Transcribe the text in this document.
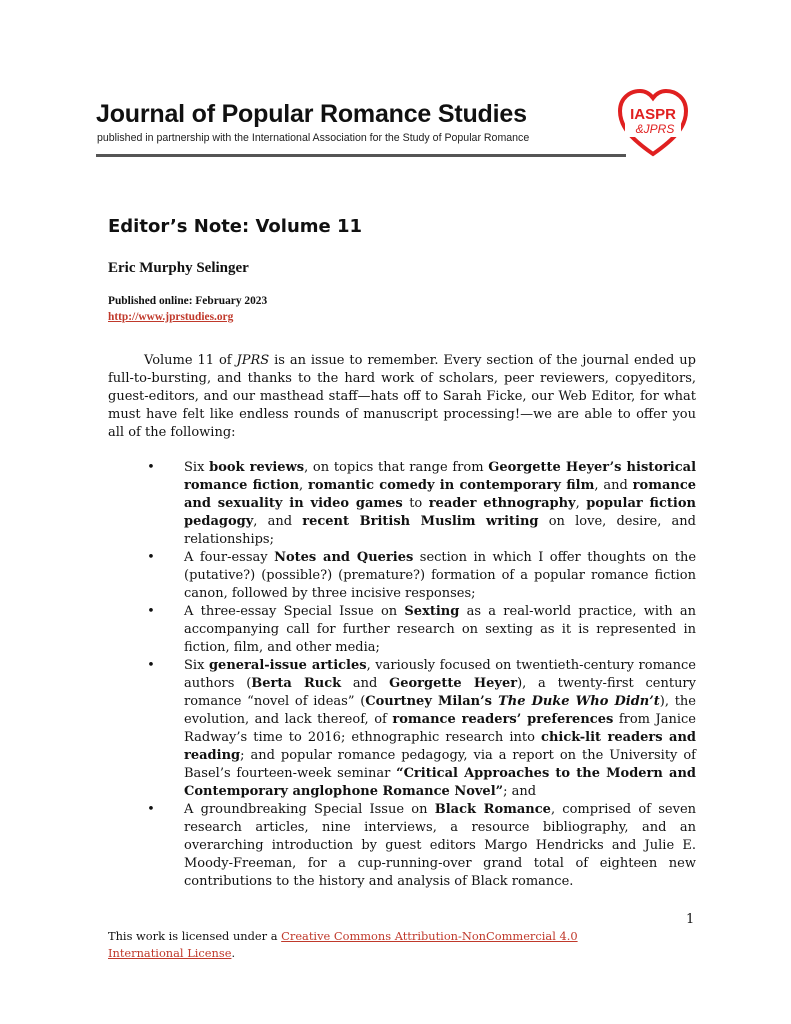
Journal of Popular Romance Studies
published in partnership with the International Association for the Study of Popular Romance
IASPR
&JPRS
Editor’s Note: Volume 11
Eric Murphy Selinger
Published online: February 2023
http://www.jprstudies.org

Volume 11 of JPRS is an issue to remember. Every section of the journal ended up full-to-bursting, and thanks to the hard work of scholars, peer reviewers, copyeditors, guest-editors, and our masthead staff—hats off to Sarah Ficke, our Web Editor, for what must have felt like endless rounds of manuscript processing!—we are able to offer you all of the following:

• Six book reviews, on topics that range from Georgette Heyer’s historical romance fiction, romantic comedy in contemporary film, and romance and sexuality in video games to reader ethnography, popular fiction pedagogy, and recent British Muslim writing on love, desire, and relationships;
• A four-essay Notes and Queries section in which I offer thoughts on the (putative?) (possible?) (premature?) formation of a popular romance fiction canon, followed by three incisive responses;
• A three-essay Special Issue on Sexting as a real-world practice, with an accompanying call for further research on sexting as it is represented in fiction, film, and other media;
• Six general-issue articles, variously focused on twentieth-century romance authors (Berta Ruck and Georgette Heyer), a twenty-first century romance “novel of ideas” (Courtney Milan’s The Duke Who Didn’t), the evolution, and lack thereof, of romance readers’ preferences from Janice Radway’s time to 2016; ethnographic research into chick-lit readers and reading; and popular romance pedagogy, via a report on the University of Basel’s fourteen-week seminar “Critical Approaches to the Modern and Contemporary anglophone Romance Novel”; and
• A groundbreaking Special Issue on Black Romance, comprised of seven research articles, nine interviews, a resource bibliography, and an overarching introduction by guest editors Margo Hendricks and Julie E. Moody-Freeman, for a cup-running-over grand total of eighteen new contributions to the history and analysis of Black romance.
1
This work is licensed under a Creative Commons Attribution-NonCommercial 4.0 International License.
